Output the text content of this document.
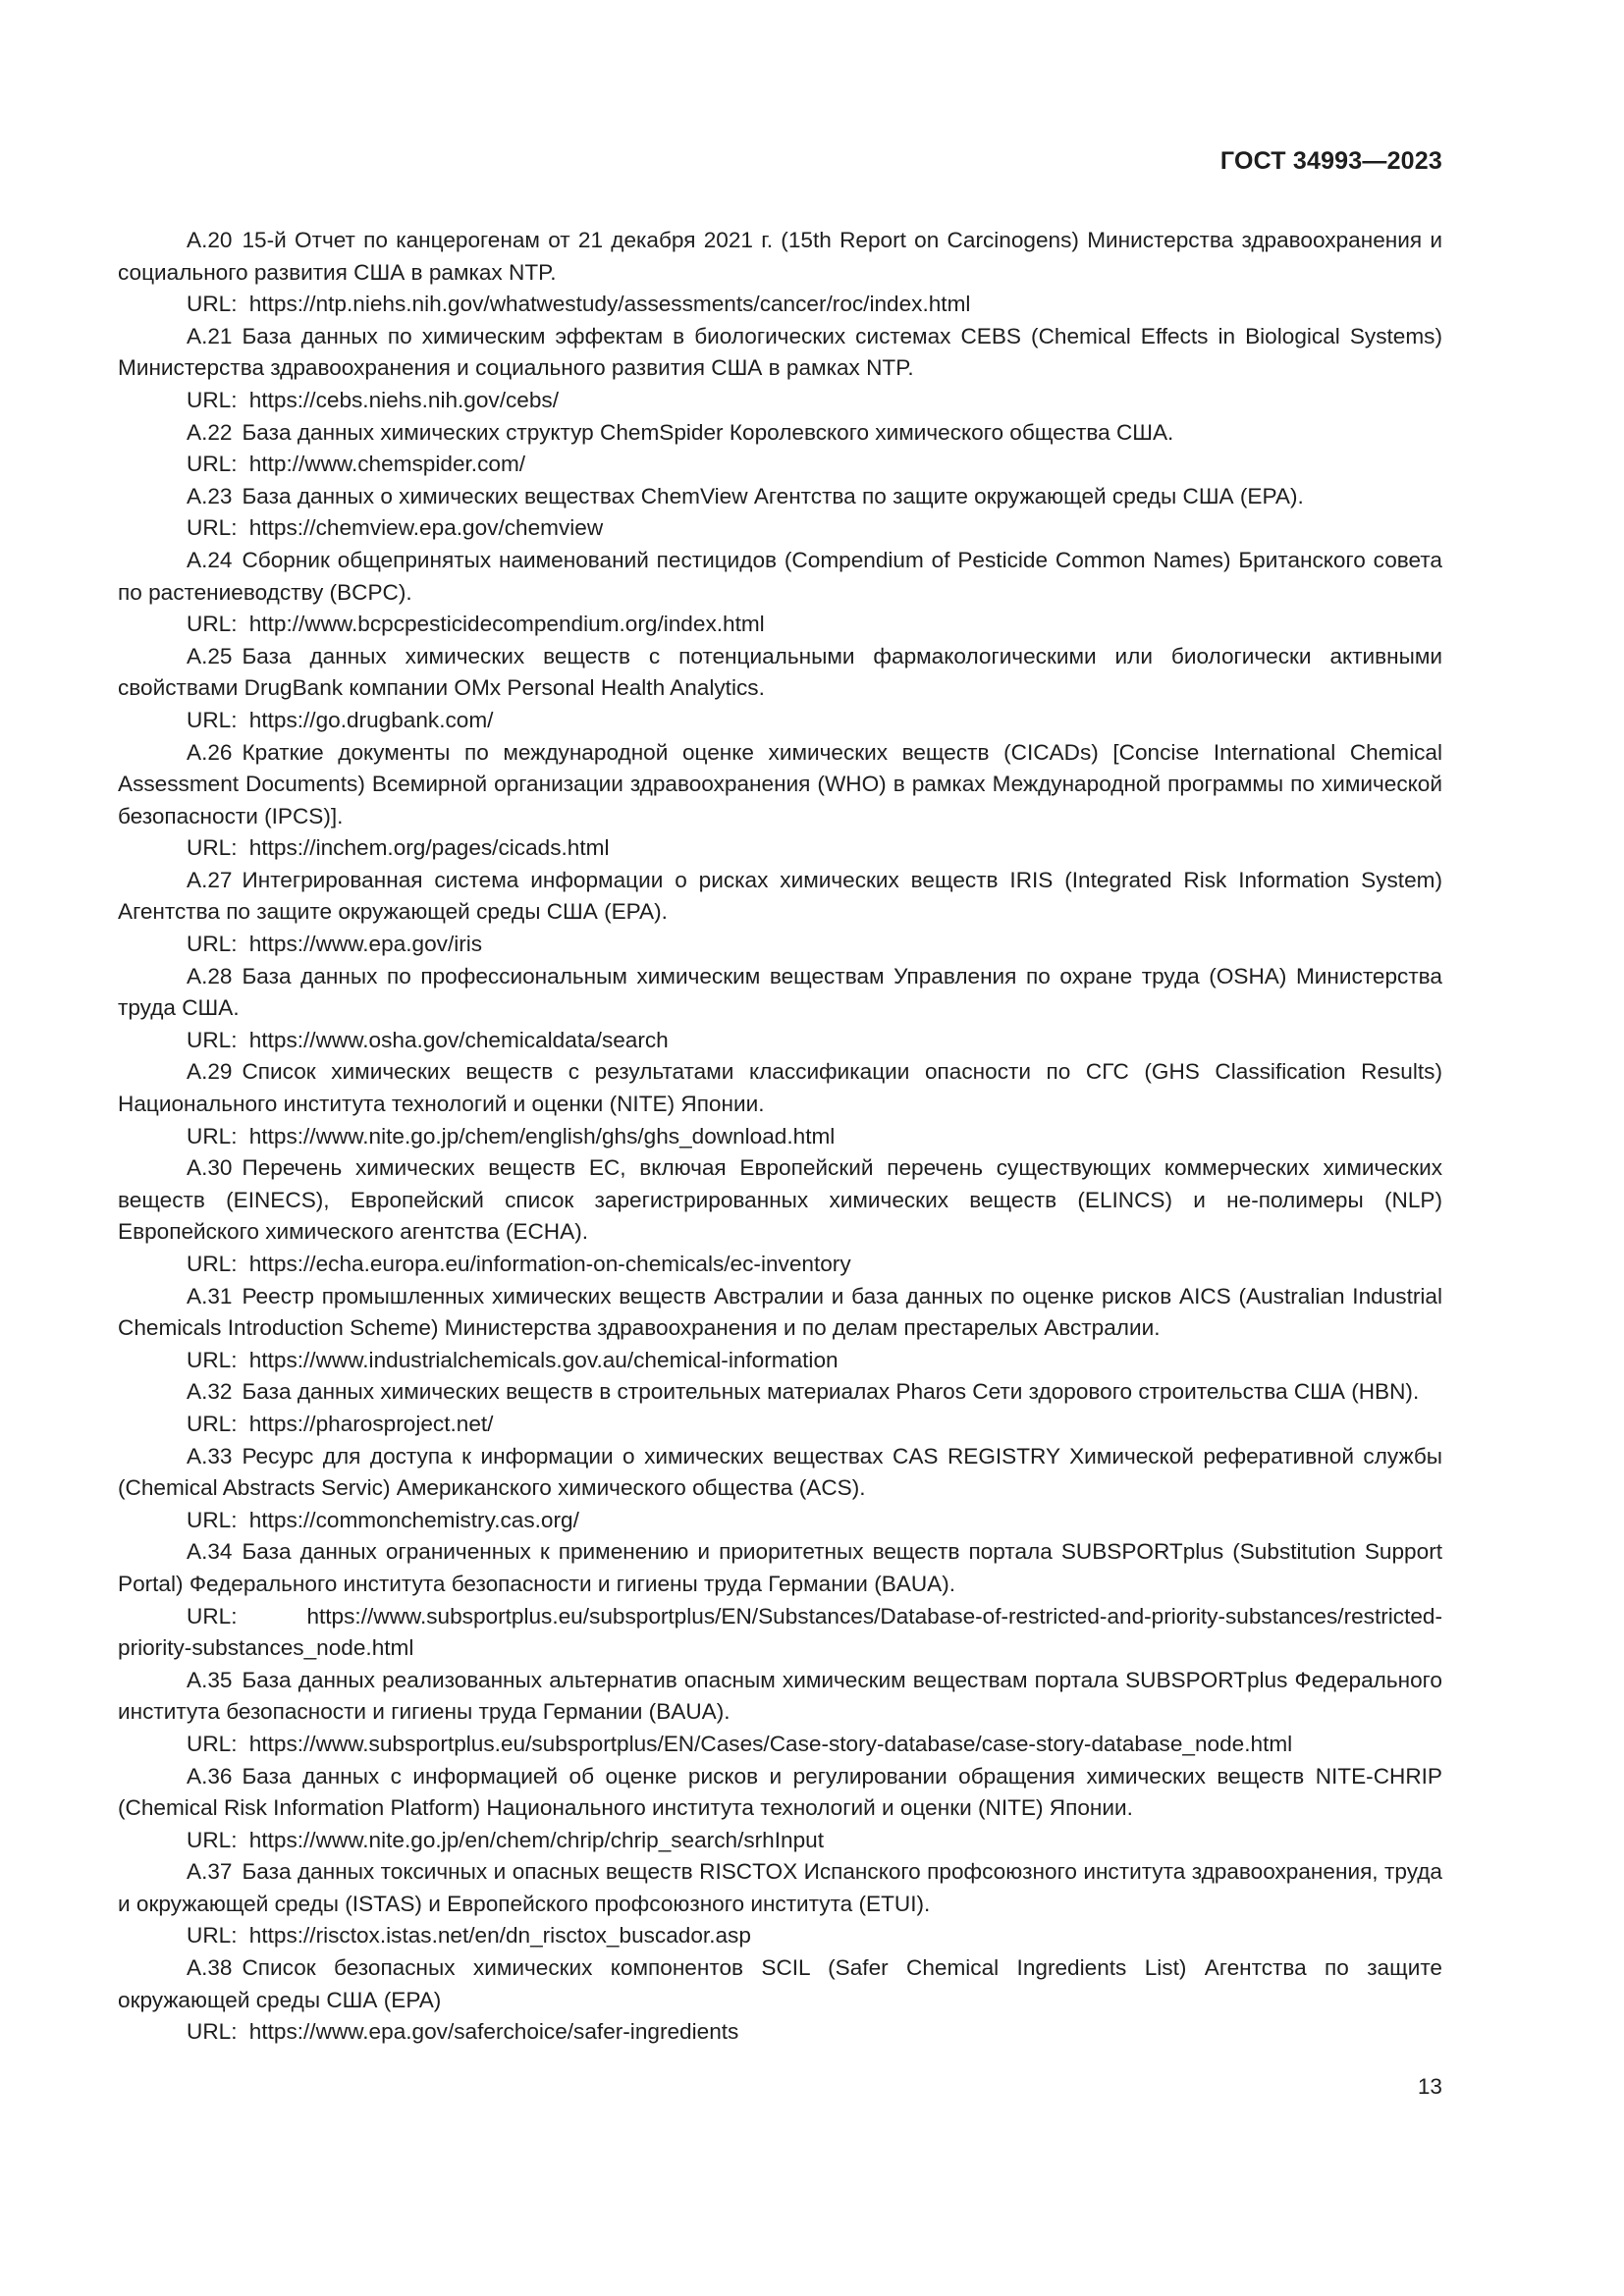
ГОСТ 34993—2023

А.20 15-й Отчет по канцерогенам от 21 декабря 2021 г. (15th Report on Carcinogens) Министерства здравоохранения и социального развития США в рамках NTP.

URL: https://ntp.niehs.nih.gov/whatwestudy/assessments/cancer/roc/index.html

А.21 База данных по химическим эффектам в биологических системах CEBS (Chemical Effects in Biological Systems) Министерства здравоохранения и социального развития США в рамках NTP.

URL: https://cebs.niehs.nih.gov/cebs/

А.22 База данных химических структур ChemSpider Королевского химического общества США.

URL: http://www.chemspider.com/

А.23 База данных о химических веществах ChemView Агентства по защите окружающей среды США (EPA).

URL: https://chemview.epa.gov/chemview

А.24 Сборник общепринятых наименований пестицидов (Compendium of Pesticide Common Names) Британского совета по растениеводству (BCPC).

URL: http://www.bcpcpesticidecompendium.org/index.html

А.25 База данных химических веществ с потенциальными фармакологическими или биологически активными свойствами DrugBank компании OMx Personal Health Analytics.

URL: https://go.drugbank.com/

А.26 Краткие документы по международной оценке химических веществ (CICADs) [Concise International Chemical Assessment Documents) Всемирной организации здравоохранения (WHO) в рамках Международной программы по химической безопасности (IPCS)].

URL: https://inchem.org/pages/cicads.html

А.27 Интегрированная система информации о рисках химических веществ IRIS (Integrated Risk Information System) Агентства по защите окружающей среды США (EPA).

URL: https://www.epa.gov/iris

А.28 База данных по профессиональным химическим веществам Управления по охране труда (OSHA) Министерства труда США.

URL: https://www.osha.gov/chemicaldata/search

А.29 Список химических веществ с результатами классификации опасности по СГС (GHS Classification Results) Национального института технологий и оценки (NITE) Японии.

URL: https://www.nite.go.jp/chem/english/ghs/ghs_download.html

А.30 Перечень химических веществ ЕС, включая Европейский перечень существующих коммерческих химических веществ (EINECS), Европейский список зарегистрированных химических веществ (ELINCS) и не-полимеры (NLP) Европейского химического агентства (ECHA).

URL: https://echa.europa.eu/information-on-chemicals/ec-inventory

А.31 Реестр промышленных химических веществ Австралии и база данных по оценке рисков AICS (Australian Industrial Chemicals Introduction Scheme) Министерства здравоохранения и по делам престарелых Австралии.

URL: https://www.industrialchemicals.gov.au/chemical-information

А.32 База данных химических веществ в строительных материалах Pharos Сети здорового строительства США (HBN).

URL: https://pharosproject.net/

А.33 Ресурс для доступа к информации о химических веществах CAS REGISTRY Химической реферативной службы (Chemical Abstracts Servic) Американского химического общества (ACS).

URL: https://commonchemistry.cas.org/

А.34 База данных ограниченных к применению и приоритетных веществ портала SUBSPORTplus (Substitution Support Portal) Федерального института безопасности и гигиены труда Германии (BAUA).

URL:	https://www.subsportplus.eu/subsportplus/EN/Substances/Database-of-restricted-and-priority-substances/restricted-priority-substances_node.html

А.35 База данных реализованных альтернатив опасным химическим веществам портала SUBSPORTplus Федерального института безопасности и гигиены труда Германии (BAUA).

URL: https://www.subsportplus.eu/subsportplus/EN/Cases/Case-story-database/case-story-database_node.html

А.36 База данных с информацией об оценке рисков и регулировании обращения химических веществ NITE-CHRIP (Chemical Risk Information Platform) Национального института технологий и оценки (NITE) Японии.

URL: https://www.nite.go.jp/en/chem/chrip/chrip_search/srhInput

А.37 База данных токсичных и опасных веществ RISCTOX Испанского профсоюзного института здравоохранения, труда и окружающей среды (ISTAS) и Европейского профсоюзного института (ETUI).

URL: https://risctox.istas.net/en/dn_risctox_buscador.asp

А.38 Список безопасных химических компонентов SCIL (Safer Chemical Ingredients List) Агентства по защите окружающей среды США (EPA)

URL: https://www.epa.gov/saferchoice/safer-ingredients

13
